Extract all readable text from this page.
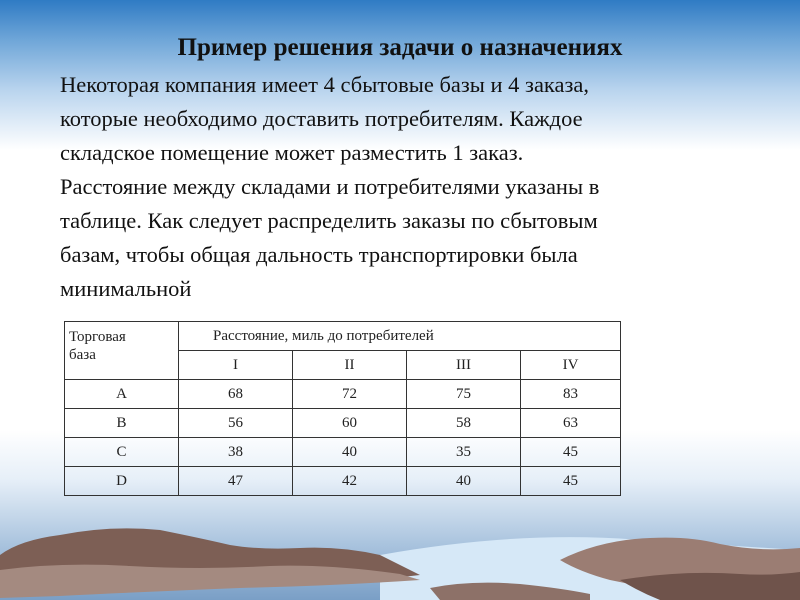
Пример решения задачи о назначениях
Некоторая компания имеет 4 сбытовые базы и 4 заказа,
которые необходимо доставить потребителям. Каждое
складское помещение может разместить 1 заказ.
Расстояние между складами и потребителями указаны в
таблице. Как следует распределить заказы по сбытовым
базам, чтобы общая дальность транспортировки была
минимальной
Торговая
база	Расстояние, миль до потребителей			
	I	II	III	IV
A	68	72	75	83
B	56	60	58	63
C	38	40	35	45
D	47	42	40	45
